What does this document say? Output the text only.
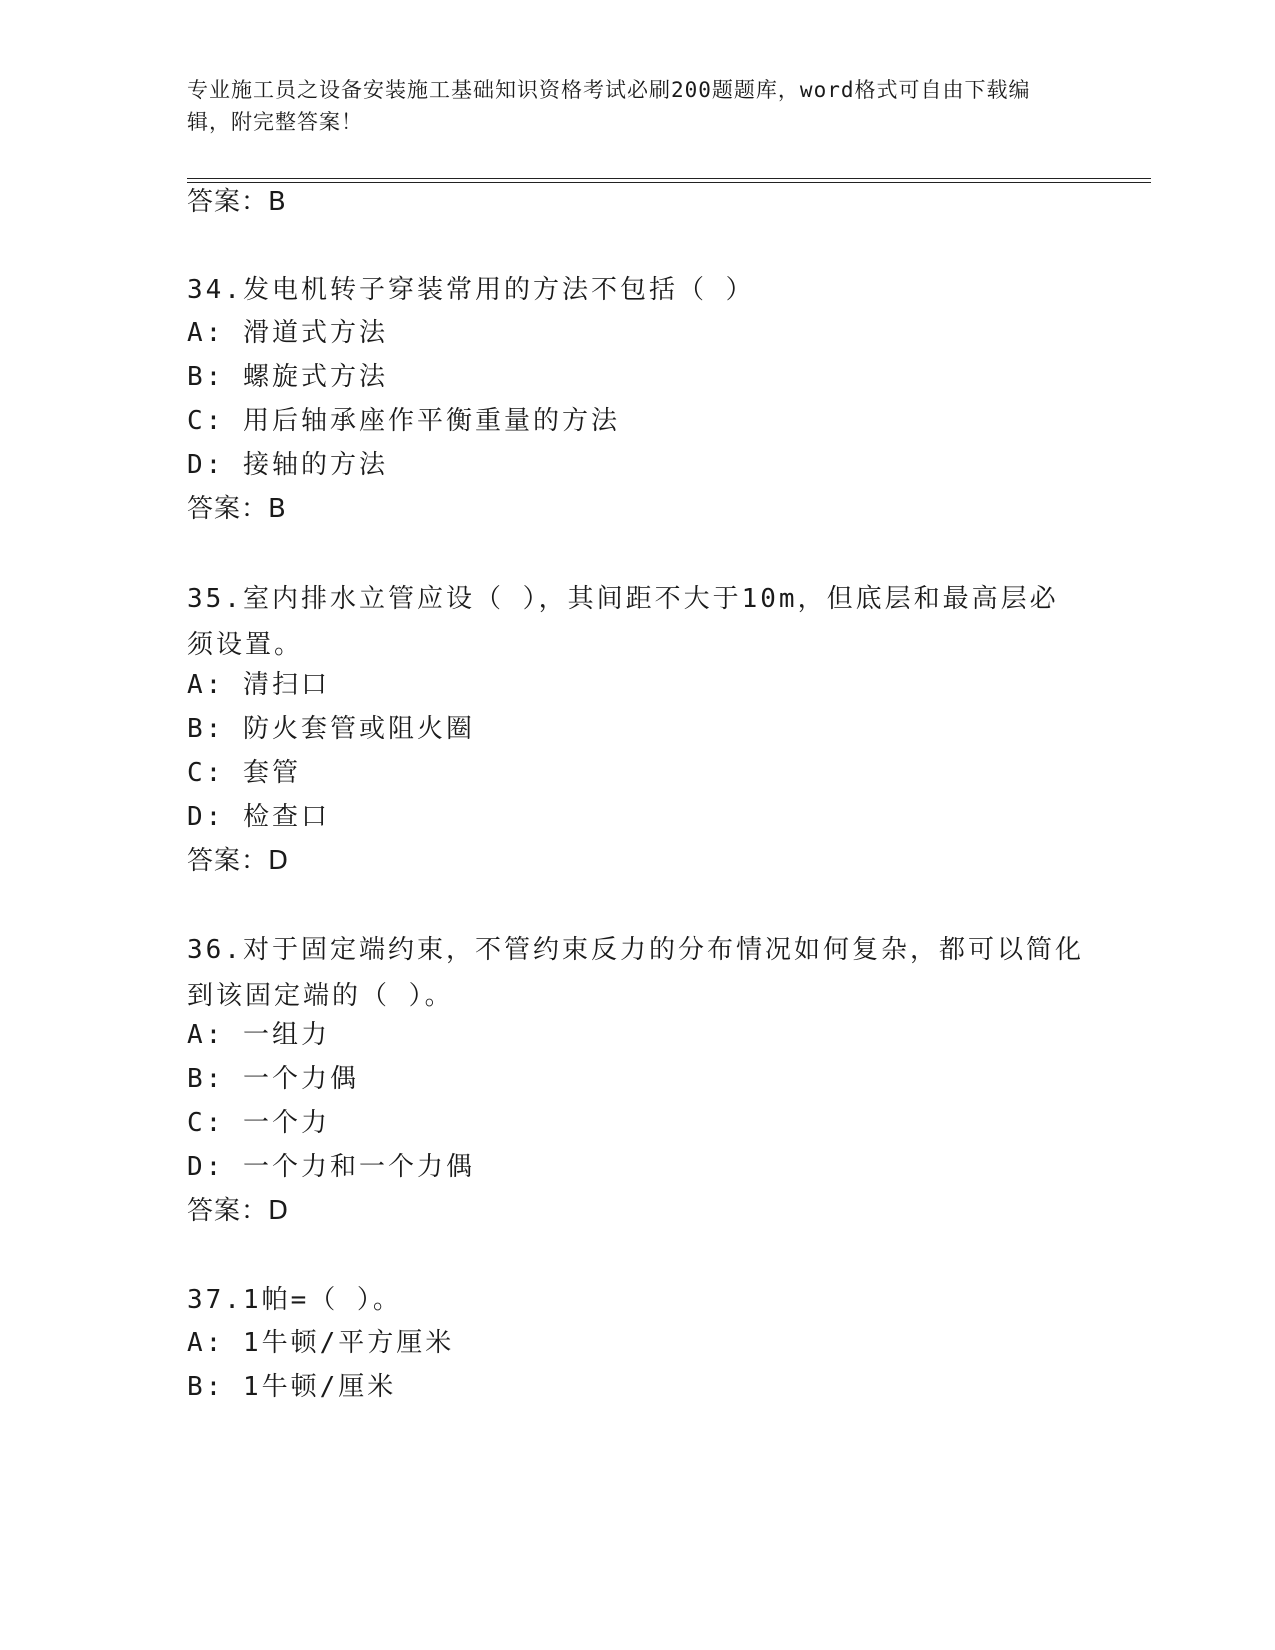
专业施工员之设备安装施工基础知识资格考试必刷200题题库，word格式可自由下载编辑，附完整答案！
答案：B
34.发电机转子穿装常用的方法不包括（ ）
A: 滑道式方法
B: 螺旋式方法
C: 用后轴承座作平衡重量的方法
D: 接轴的方法
答案：B
35.室内排水立管应设（ ），其间距不大于10m，但底层和最高层必须设置。
A: 清扫口
B: 防火套管或阻火圈
C: 套管
D: 检查口
答案：D
36.对于固定端约束，不管约束反力的分布情况如何复杂，都可以简化到该固定端的（ ）。
A: 一组力
B: 一个力偶
C: 一个力
D: 一个力和一个力偶
答案：D
37.1帕=（ ）。
A: 1牛顿/平方厘米
B: 1牛顿/厘米
